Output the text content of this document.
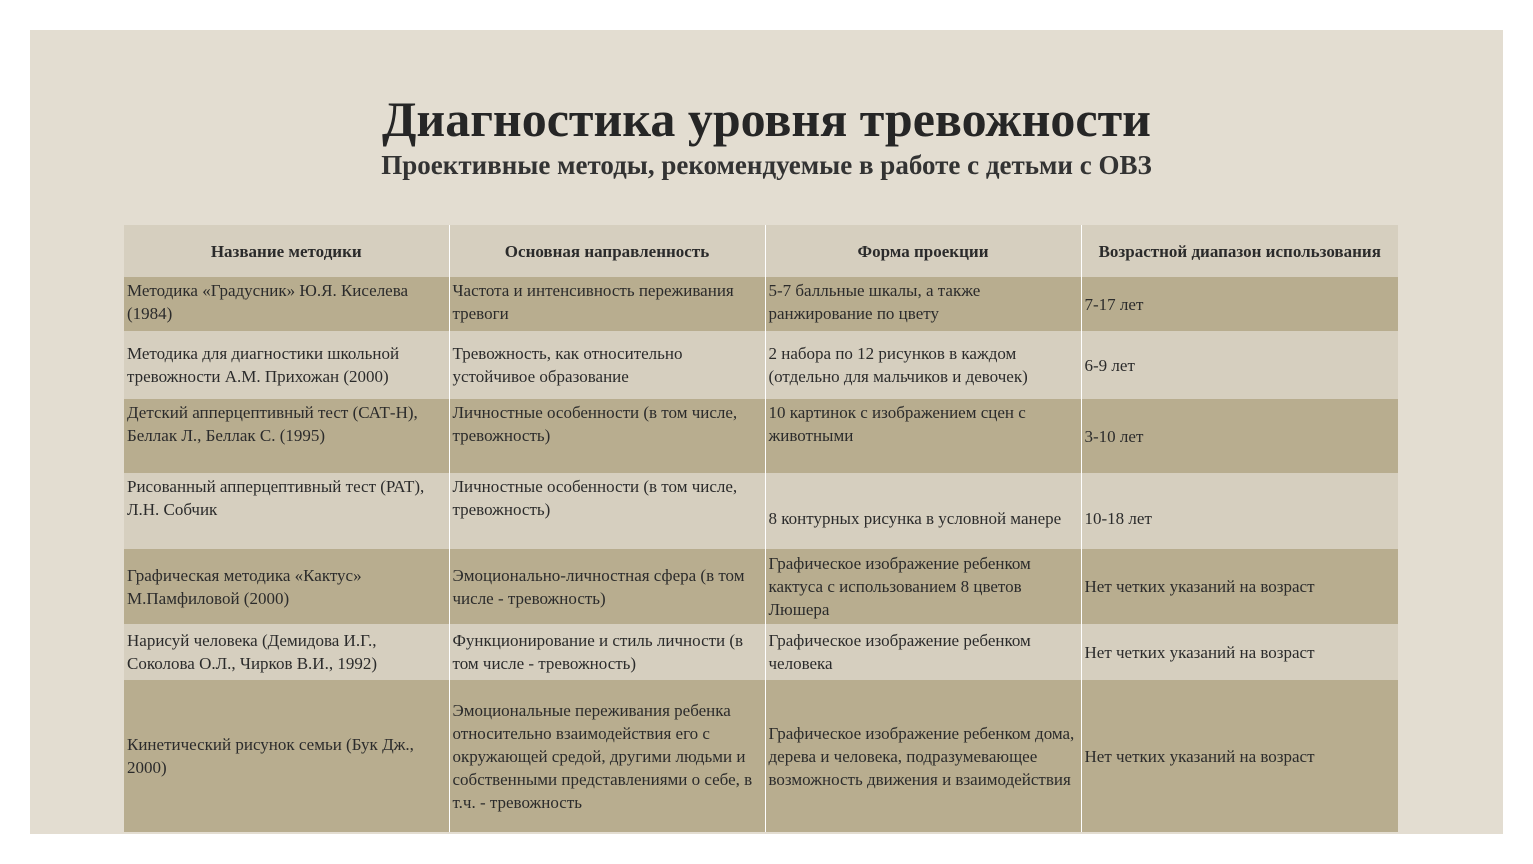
Диагностика уровня тревожности
Проективные методы, рекомендуемые в работе с детьми с ОВЗ
Название методики	Основная направленность	Форма проекции	Возрастной диапазон использования
Методика «Градусник» Ю.Я. Киселева (1984)	Частота и интенсивность переживания тревоги	5-7 балльные шкалы, а также ранжирование по цвету	7-17 лет
Методика для диагностики школьной тревожности А.М. Прихожан (2000)	Тревожность, как относительно устойчивое образование	2 набора по 12 рисунков в каждом (отдельно для мальчиков и девочек)	6-9 лет
Детский апперцептивный тест (САТ-Н), Беллак Л., Беллак С. (1995)	Личностные особенности (в том числе, тревожность)	10 картинок с изображением сцен с животными	3-10 лет
Рисованный апперцептивный тест (РАТ), Л.Н. Собчик	Личностные особенности (в том числе, тревожность)	8 контурных рисунка в условной манере	10-18 лет
Графическая методика «Кактус» М.Памфиловой (2000)	Эмоционально-личностная сфера (в том числе - тревожность)	Графическое изображение ребенком кактуса с использованием 8 цветов Люшера	Нет четких указаний на возраст
Нарисуй человека (Демидова И.Г., Соколова О.Л., Чирков В.И., 1992)	Функционирование и стиль личности (в том числе - тревожность)	Графическое изображение ребенком человека	Нет четких указаний на возраст
Кинетический рисунок семьи (Бук Дж., 2000)	Эмоциональные переживания ребенка относительно взаимодействия его с окружающей средой, другими людьми и собственными представлениями о себе, в т.ч. - тревожность	Графическое изображение ребенком дома, дерева и человека, подразумевающее возможность движения и взаимодействия	Нет четких указаний на возраст
